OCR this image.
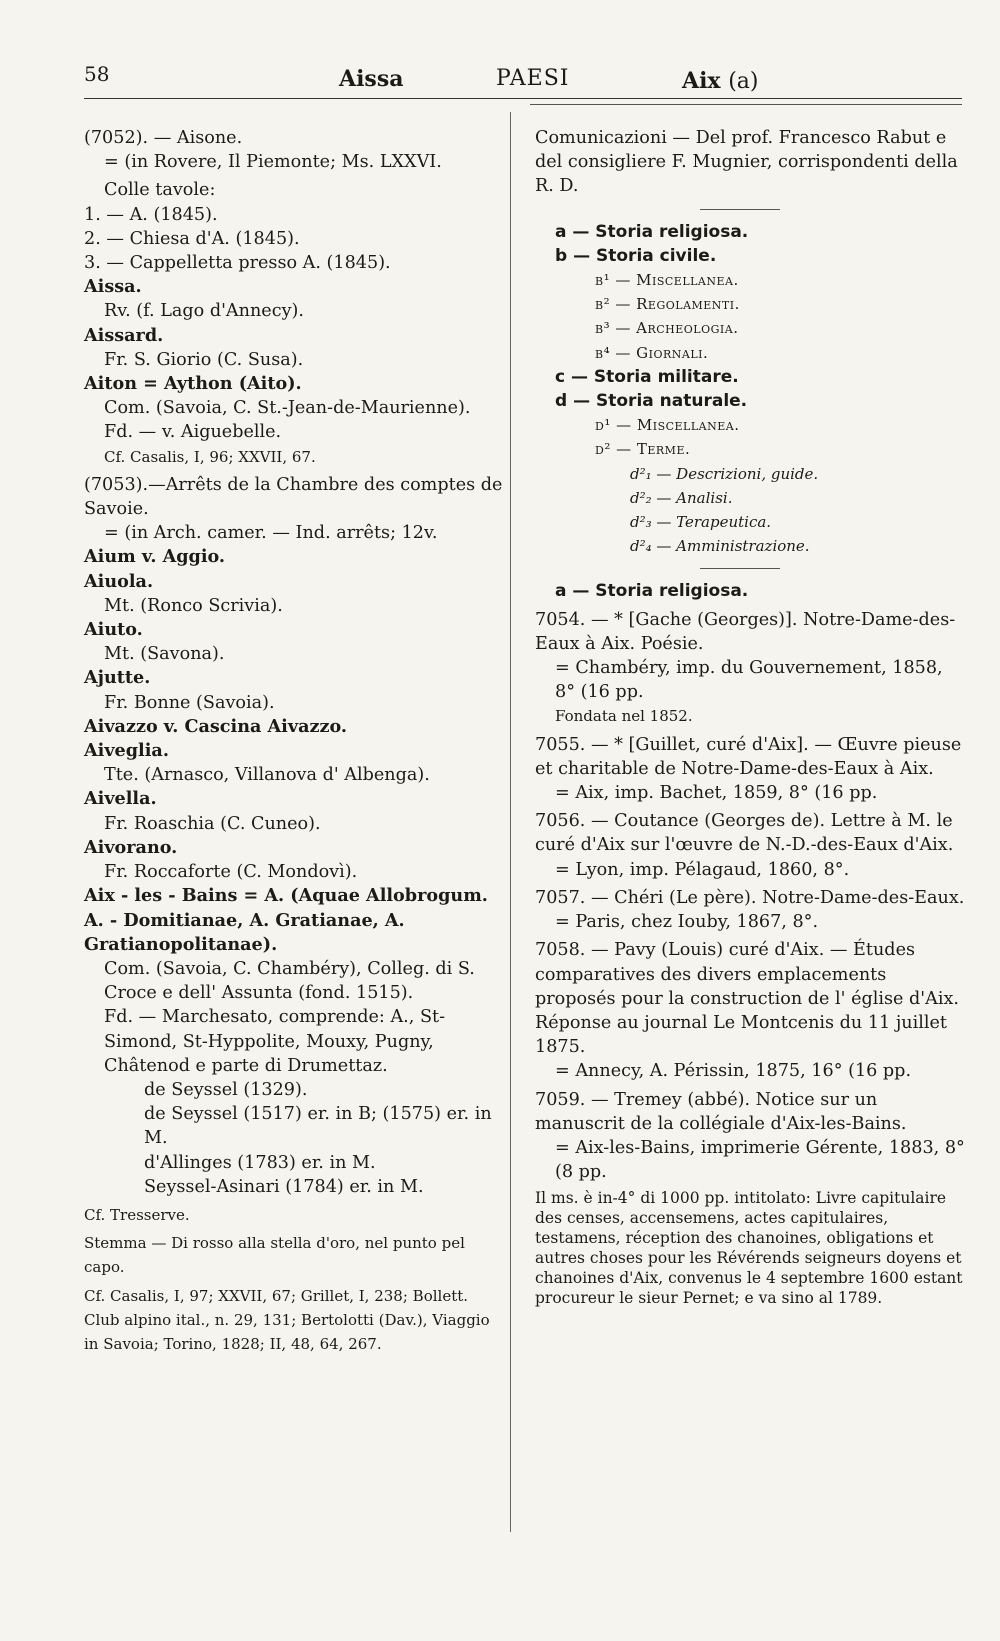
58	Aissa	PAESI	Aix (a)

(7052). — Aisone.

= (in Rovere, Il Piemonte; Ms. LXXVI.

Colle tavole:

1. — A. (1845).

2. — Chiesa d'A. (1845).

3. — Cappelletta presso A. (1845).

Aissa.

Rv. (f. Lago d'Annecy).

Aissard.

Fr. S. Giorio (C. Susa).

Aiton = Aython (Aito).

Com. (Savoia, C. St.-Jean-de-Maurienne).

Fd. — v. Aiguebelle.

Cf. Casalis, I, 96; XXVII, 67.

(7053).—Arrêts de la Chambre des comptes de Savoie.

= (in Arch. camer. — Ind. arrêts; 12v.

Aium v. Aggio.

Aiuola.

Mt. (Ronco Scrivia).

Aiuto.

Mt. (Savona).

Ajutte.

Fr. Bonne (Savoia).

Aivazzo v. Cascina Aivazzo.

Aiveglia.

Tte. (Arnasco, Villanova d' Albenga).

Aivella.

Fr. Roaschia (C. Cuneo).

Aivorano.

Fr. Roccaforte (C. Mondovì).

Aix - les - Bains = A. (Aquae Allobrogum. A. - Domitianae, A. Gratianae, A. Gratianopolitanae).

Com. (Savoia, C. Chambéry), Colleg. di S. Croce e dell' Assunta (fond. 1515).

Fd. — Marchesato, comprende: A., St-Simond, St-Hyppolite, Mouxy, Pugny, Châtenod e parte di Drumettaz.

de Seyssel (1329).

de Seyssel (1517) er. in B; (1575) er. in M.

d'Allinges (1783) er. in M.

Seyssel-Asinari (1784) er. in M.

Cf. Tresserve.

Stemma — Di rosso alla stella d'oro, nel punto pel capo.

Cf. Casalis, I, 97; XXVII, 67; Grillet, I, 238; Bollett. Club alpino ital., n. 29, 131; Bertolotti (Dav.), Viaggio in Savoia; Torino, 1828; II, 48, 64, 267.

Comunicazioni — Del prof. Francesco Rabut e del consigliere F. Mugnier, corrispondenti della R. D.

a — Storia religiosa.

b — Storia civile.

b¹ — Miscellanea.

b² — Regolamenti.

b³ — Archeologia.

b⁴ — Giornali.

c — Storia militare.

d — Storia naturale.

d¹ — Miscellanea.

d² — Terme.

d²₁ — Descrizioni, guide.

d²₂ — Analisi.

d²₃ — Terapeutica.

d²₄ — Amministrazione.

a — Storia religiosa.

7054. — * [Gache (Georges)]. Notre-Dame-des-Eaux à Aix. Poésie.

= Chambéry, imp. du Gouvernement, 1858, 8° (16 pp.

Fondata nel 1852.

7055. — * [Guillet, curé d'Aix]. — Œuvre pieuse et charitable de Notre-Dame-des-Eaux à Aix.

= Aix, imp. Bachet, 1859, 8° (16 pp.

7056. — Coutance (Georges de). Lettre à M. le curé d'Aix sur l'œuvre de N.-D.-des-Eaux d'Aix.

= Lyon, imp. Pélagaud, 1860, 8°.

7057. — Chéri (Le père). Notre-Dame-des-Eaux.

= Paris, chez Iouby, 1867, 8°.

7058. — Pavy (Louis) curé d'Aix. — Études comparatives des divers emplacements proposés pour la construction de l' église d'Aix. Réponse au journal Le Montcenis du 11 juillet 1875.

= Annecy, A. Périssin, 1875, 16° (16 pp.

7059. — Tremey (abbé). Notice sur un manuscrit de la collégiale d'Aix-les-Bains.

= Aix-les-Bains, imprimerie Gérente, 1883, 8° (8 pp.

Il ms. è in-4° di 1000 pp. intitolato: Livre capitulaire des censes, accensemens, actes capitulaires, testamens, réception des chanoines, obligations et autres choses pour les Révérends seigneurs doyens et chanoines d'Aix, convenus le 4 septembre 1600 estant procureur le sieur Pernet; e va sino al 1789.
